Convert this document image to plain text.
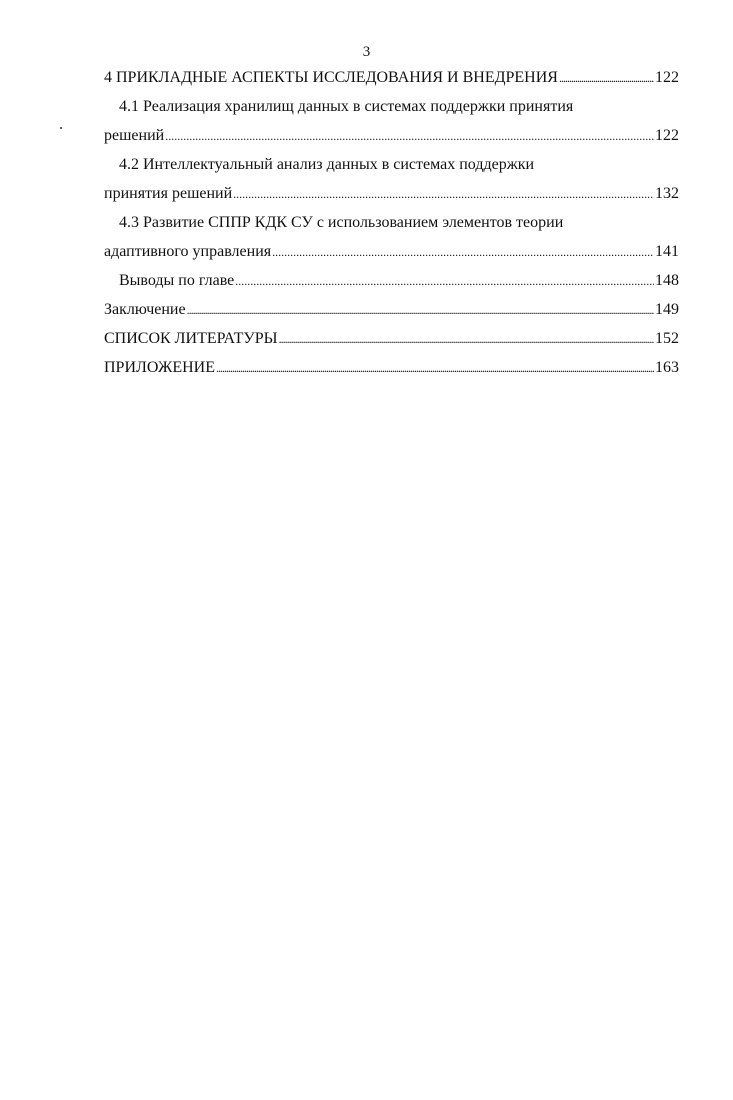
3
4 ПРИКЛАДНЫЕ АСПЕКТЫ ИССЛЕДОВАНИЯ И ВНЕДРЕНИЯ .....	122
4.1 Реализация хранилищ данных в системах поддержки принятия
решений .....	122
4.2 Интеллектуальный анализ данных в системах поддержки
принятия решений .....	132
4.3 Развитие СППР КДК СУ с использованием элементов теории
адаптивного управления .....	141
Выводы по главе .....	148
Заключение .....	149
СПИСОК ЛИТЕРАТУРЫ .....	152
ПРИЛОЖЕНИЕ .....	163
